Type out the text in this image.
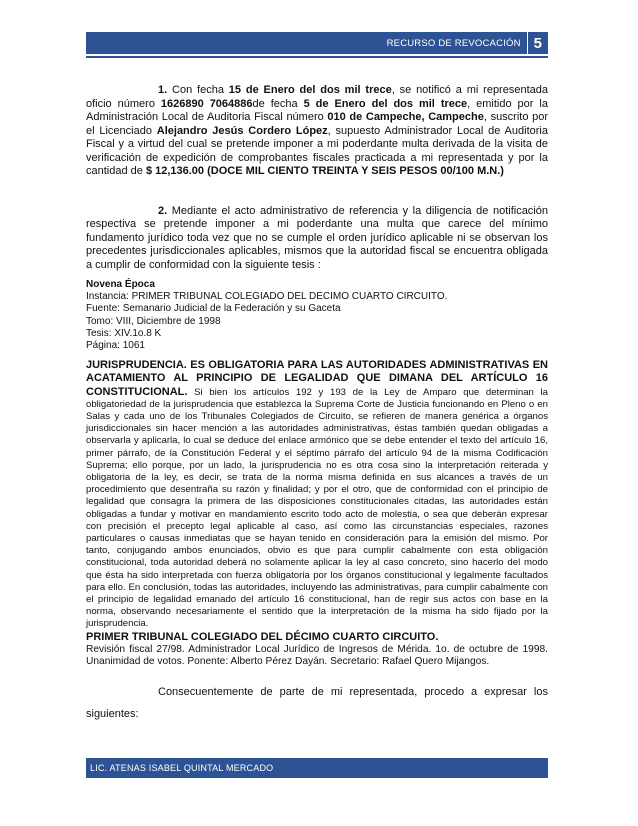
RECURSO DE REVOCACIÓN 5

1. Con fecha 15 de Enero del dos mil trece, se notificó a mi representada oficio número 1626890 7064886de fecha 5 de Enero del dos mil trece, emitido por la Administración Local de Auditoria Fiscal número 010 de Campeche, Campeche, suscrito por el Licenciado Alejandro Jesús Cordero López, supuesto Administrador Local de Auditoria Fiscal y a virtud del cual se pretende imponer a mi poderdante multa derivada de la visita de verificación de expedición de comprobantes fiscales practicada a mi representada y por la cantidad de $ 12,136.00 (DOCE MIL CIENTO TREINTA Y SEIS PESOS 00/100 M.N.)

2. Mediante el acto administrativo de referencia y la diligencia de notificación respectiva se pretende imponer a mi poderdante una multa que carece del mínimo fundamento jurídico toda vez que no se cumple el orden jurídico aplicable ni se observan los precedentes jurisdiccionales aplicables, mismos que la autoridad fiscal se encuentra obligada a cumplir de conformidad con la siguiente tesis :

Novena Época

Instancia: PRIMER TRIBUNAL COLEGIADO DEL DECIMO CUARTO CIRCUITO.

Fuente: Semanario Judicial de la Federación y su Gaceta

Tomo: VIII, Diciembre de 1998

Tesis: XIV.1o.8 K

Página: 1061

JURISPRUDENCIA. ES OBLIGATORIA PARA LAS AUTORIDADES ADMINISTRATIVAS EN ACATAMIENTO AL PRINCIPIO DE LEGALIDAD QUE DIMANA DEL ARTÍCULO 16 CONSTITUCIONAL. Si bien los artículos 192 y 193 de la Ley de Amparo que determinan la obligatoriedad de la jurisprudencia que establezca la Suprema Corte de Justicia funcionando en Pleno o en Salas y cada uno de los Tribunales Colegiados de Circuito, se refieren de manera genérica a órganos jurisdiccionales sin hacer mención a las autoridades administrativas, éstas también quedan obligadas a observarla y aplicarla, lo cual se deduce del enlace armónico que se debe entender el texto del artículo 16, primer párrafo, de la Constitución Federal y el séptimo párrafo del artículo 94 de la misma Codificación Suprema; ello porque, por un lado, la jurisprudencia no es otra cosa sino la interpretación reiterada y obligatoria de la ley, es decir, se trata de la norma misma definida en sus alcances a través de un procedimiento que desentraña su razón y finalidad; y por el otro, que de conformidad con el principio de legalidad que consagra la primera de las disposiciones constitucionales citadas, las autoridades están obligadas a fundar y motivar en mandamiento escrito todo acto de molestia, o sea que deberán expresar con precisión el precepto legal aplicable al caso, así como las circunstancias especiales, razones particulares o causas inmediatas que se hayan tenido en consideración para la emisión del mismo. Por tanto, conjugando ambos enunciados, obvio es que para cumplir cabalmente con esta obligación constitucional, toda autoridad deberá no solamente aplicar la ley al caso concreto, sino hacerlo del modo que ésta ha sido interpretada con fuerza obligatoria por los órganos constitucional y legalmente facultados para ello. En conclusión, todas las autoridades, incluyendo las administrativas, para cumplir cabalmente con el principio de legalidad emanado del artículo 16 constitucional, han de regir sus actos con base en la norma, observando necesariamente el sentido que la interpretación de la misma ha sido fijado por la jurisprudencia.

PRIMER TRIBUNAL COLEGIADO DEL DÉCIMO CUARTO CIRCUITO.

Revisión fiscal 27/98. Administrador Local Jurídico de Ingresos de Mérida. 1o. de octubre de 1998. Unanimidad de votos. Ponente: Alberto Pérez Dayán. Secretario: Rafael Quero Mijangos.

Consecuentemente de parte de mi representada, procedo a expresar los siguientes:

LIC. ATENAS ISABEL QUINTAL MERCADO
